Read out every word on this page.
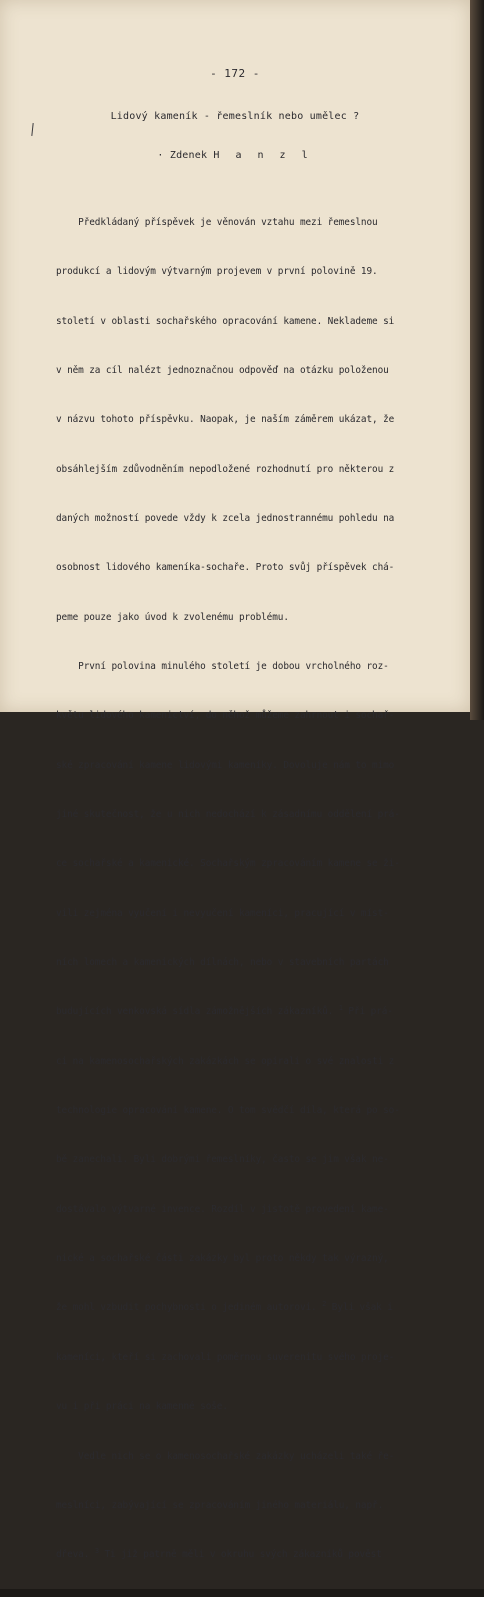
- 172 -
Lidový kameník - řemeslník nebo umělec ?
· Zdenek H a n z l

Předkládaný příspěvek je věnován vztahu mezi řemeslnou

produkcí a lidovým výtvarným projevem v první polovině 19.

století v oblasti sochařského opracování kamene. Neklademe si

v něm za cíl nalézt jednoznačnou odpověď na otázku položenou

v názvu tohoto příspěvku. Naopak, je naším záměrem ukázat, že

obsáhlejším zdůvodněním nepodložené rozhodnutí pro některou z

daných možností povede vždy k zcela jednostrannému pohledu na

osobnost lidového kameníka-sochaře. Proto svůj příspěvek chá-

peme pouze jako úvod k zvolenému problému.

První polovina minulého století je dobou vrcholného roz-

květu lidového kamenictví, do něhož můžeme zahrnout i sochař-

ské zpracování kamene lidovými kameníky. Dovoluje nám to mimo

jiné skutečnost, že u nich nedochází k zásadnímu oddělení prá-

ce sochařské a kamenické. Sochařským zpracováním kamene se ži-

vili zejména vyučení i nevyučení kameníci, pracující v míst-

ních lomech a kamenických dílnách, nebo v stavebních partách

budujících venkovská sídla zámožnějších zákazníků. $^1$ Při prá-

ci na kamenosochařských zakázkách se opírali o své znalosti z

technologie opracování kamene. O tom svědčí díla, která po so-

bě zanechali. Byli dobrými řemeslníky, často se jim však ne-

dostávalo výtvarné invence. Rozdíl v jistotě provedení kame-

nické a sochařské části zakázky byl proto někdy tak výrazný,

že mohl vzbudit pochybnosti o jediném autorovi. $^2$ Byli však i

kameníci, kteří si zachovali poměrnou suverenitu svého proje-

vu i při práci na kamenné soše.

Vedle nich se o kamenosochařské zakázky ucházeli také ře-

meslníci, zabývající se zpracováním jiného materiálu, např.

dřeva. $^3$ Ti již patrně měli v okruhu svých zákazníků pověst
